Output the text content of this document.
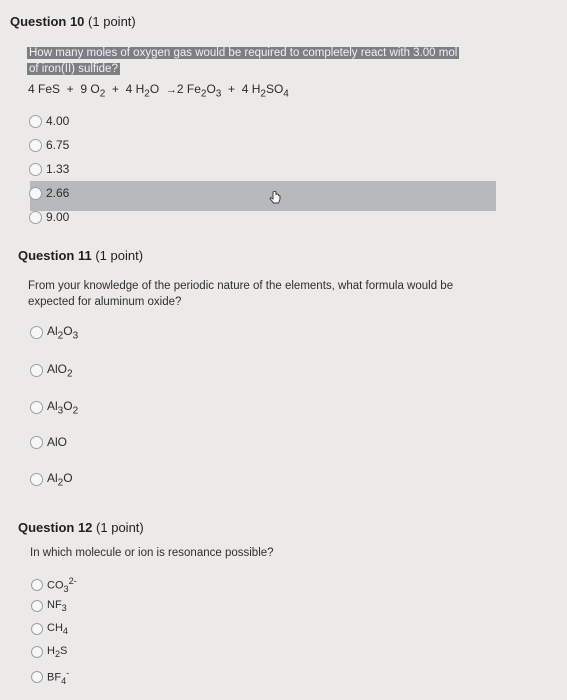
Question 10 (1 point)
How many moles of oxygen gas would be required to completely react with 3.00 mol
of iron(II) sulfide?
4 FeS  +  9 $O_2 + 4$ $H_2O \to 2$ $Fe_2O_3 + 4$ $H_2SO_4$
4.00
6.75
1.33
2.66
9.00
Question 11 (1 point)
From your knowledge of the periodic nature of the elements, what formula would be
expected for aluminum oxide?
$Al_2O_3$
AlO$_2$
$Al_3O_2$
AlO
$Al_2O$
Question 12 (1 point)
In which molecule or ion is resonance possible?
$CO_3^{2-}$
$NF_3$
$CH_4$
$H_2S$
$BF_4^-$
